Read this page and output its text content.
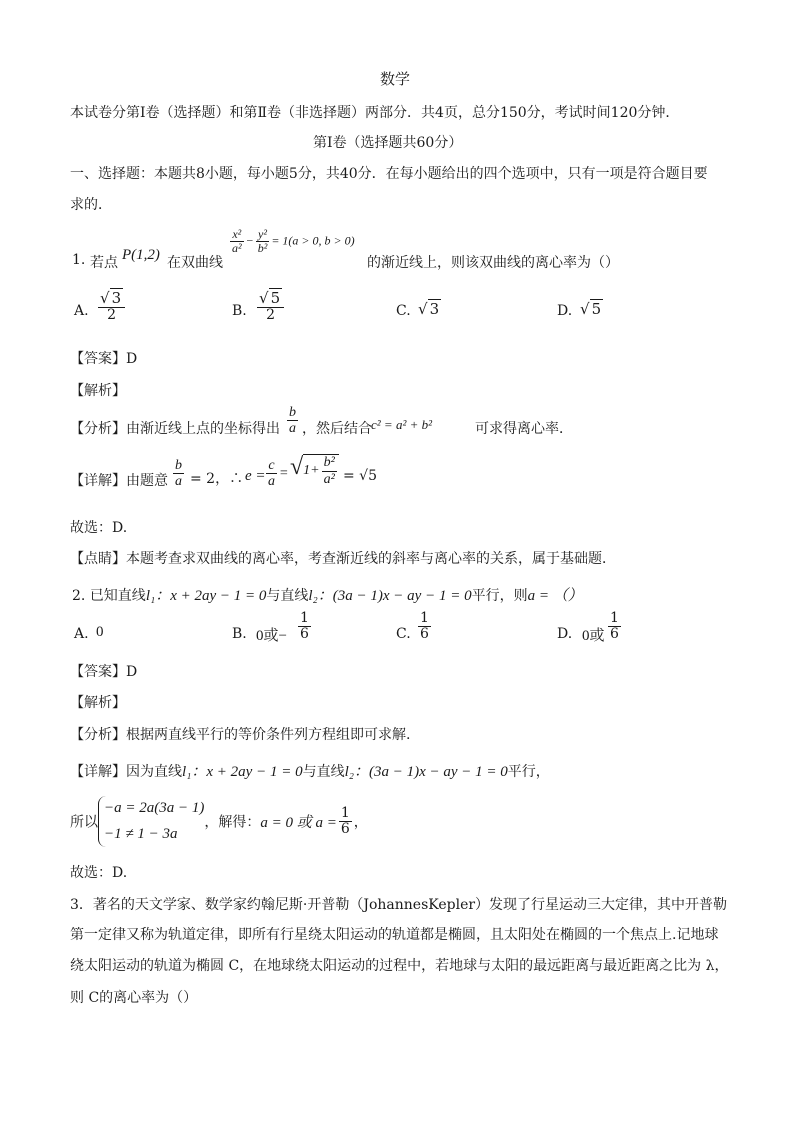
数学
本试卷分第Ⅰ卷（选择题）和第Ⅱ卷（非选择题）两部分．共4页，总分150分，考试时间120分钟．
第Ⅰ卷（选择题共60分）
一、选择题：本题共8小题，每小题5分，共40分．在每小题给出的四个选项中，只有一项是符合题目要
求的．
1. 若点 P(1,2) 在双曲线
$\frac{\text{x²}}{\text{a²}} - \frac{\text{y²}}{\text{b²}} = 1(a > 0$, b > 0)
的渐近线上，则该双曲线的离心率为（）
A. $\frac{√ 3}{2}$	B. $\frac{√ 5}{2}$	C. √ 3	D. √ 5
【答案】D
【解析】
【分析】由渐近线上点的坐标得出 $\frac{b}{a}$ ，然后结合 c² = a² + b²	可求得离心率．
【详解】由题意 $\frac{b}{a} = 2$，∴ $e = \frac{c}{a} = √1+ \frac{\text{b²}}{\text{a²}} = √5$
故选：D.
【点睛】本题考查求双曲线的离心率，考查渐近线的斜率与离心率的关系，属于基础题．
2. 已知直线l₁：x + 2ay − 1 = 0与直线l₂：(3a − 1)x − ay − 1 = 0平行，则a = （）
A. 0	B. 0或− $\frac{1}{6}$	C. $\frac{1}{6}$	D. 0或 $\frac{1}{6}$
【答案】D
【解析】
【分析】根据两直线平行的等价条件列方程组即可求解.
【详解】因为直线l₁：x + 2ay − 1 = 0与直线l₂：(3a − 1)x − ay − 1 = 0平行，
所以
−a = 2a(3a − 1)
−1 ≠ 1 − 3a
，解得：a = 0 或 $a = \frac{1}{6}$ ，
故选：D.
3．著名的天文学家、数学家约翰尼斯·开普勒（JohannesKepler）发现了行星运动三大定律，其中开普勒
第一定律又称为轨道定律，即所有行星绕太阳运动的轨道都是椭圆，且太阳处在椭圆的一个焦点上.记地球
绕太阳运动的轨道为椭圆 C，在地球绕太阳运动的过程中，若地球与太阳的最远距离与最近距离之比为 λ，
则 C的离心率为（）
